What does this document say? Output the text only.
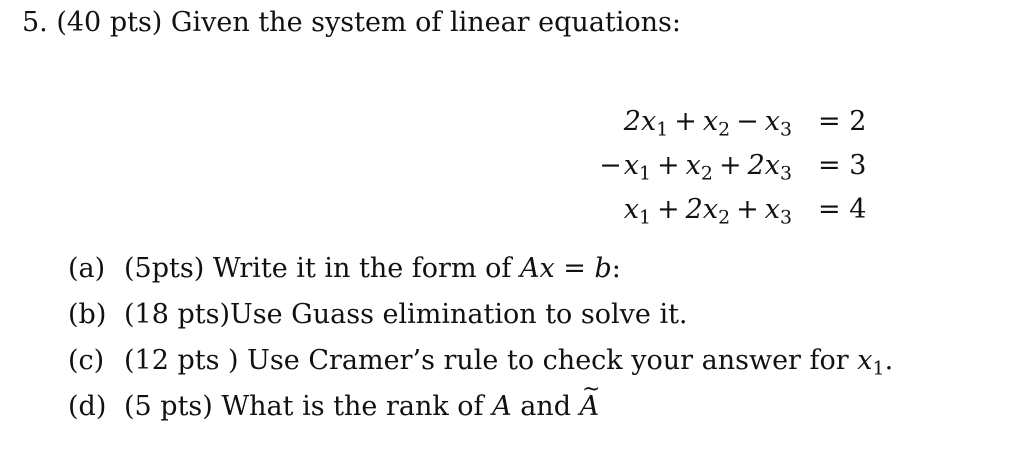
5. (40 pts) Given the system of linear equations:
$2x_1 + x_2 - x_3 = 2$
$-x_1 + x_2 + 2x_3 = 3$
$x_1 + 2x_2 + x_3 = 4$
(a) (5pts) Write it in the form of Ax = b:
(b) (18 pts)Use Guass elimination to solve it.
(c) (12 pts ) Use Cramer’s rule to check your answer for $x_1$.
(d) (5 pts) What is the rank of A and ~ A
